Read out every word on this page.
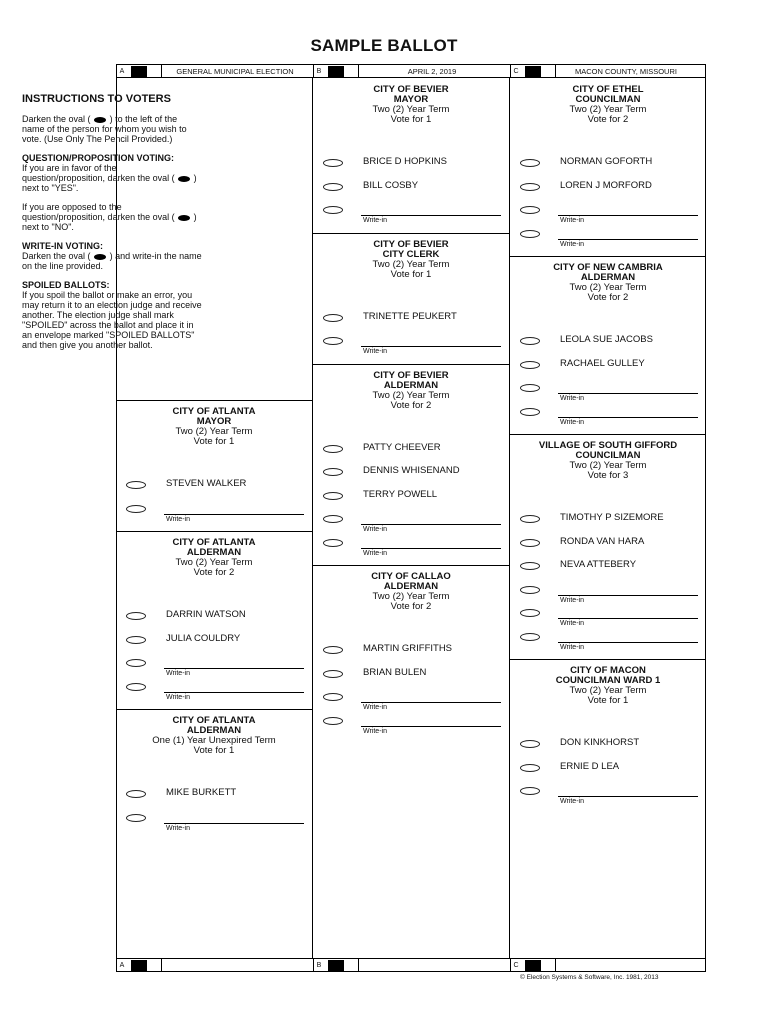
SAMPLE BALLOT
A	GENERAL MUNICIPAL ELECTION	B	APRIL 2, 2019	C	MACON COUNTY, MISSOURI
CITY OF ATLANTA
MAYOR
Two (2) Year Term
Vote for 1
STEVEN WALKER
Write-in
CITY OF ATLANTA
ALDERMAN
Two (2) Year Term
Vote for 2
DARRIN WATSON
JULIA COULDRY
Write-in
Write-in
CITY OF ATLANTA
ALDERMAN
One (1) Year Unexpired Term
Vote for 1
MIKE BURKETT
Write-in
CITY OF BEVIER
MAYOR
Two (2) Year Term
Vote for 1
BRICE D HOPKINS
BILL COSBY
Write-in
CITY OF BEVIER
CITY CLERK
Two (2) Year Term
Vote for 1
TRINETTE PEUKERT
Write-in
CITY OF BEVIER
ALDERMAN
Two (2) Year Term
Vote for 2
PATTY CHEEVER
DENNIS WHISENAND
TERRY POWELL
Write-in
Write-in
CITY OF CALLAO
ALDERMAN
Two (2) Year Term
Vote for 2
MARTIN GRIFFITHS
BRIAN BULEN
Write-in
Write-in
CITY OF ETHEL
COUNCILMAN
Two (2) Year Term
Vote for 2
NORMAN GOFORTH
LOREN J MORFORD
Write-in
Write-in
CITY OF NEW CAMBRIA
ALDERMAN
Two (2) Year Term
Vote for 2
LEOLA SUE JACOBS
RACHAEL GULLEY
Write-in
Write-in
VILLAGE OF SOUTH GIFFORD
COUNCILMAN
Two (2) Year Term
Vote for 3
TIMOTHY P SIZEMORE
RONDA VAN HARA
NEVA ATTEBERY
Write-in
Write-in
Write-in
CITY OF MACON
COUNCILMAN WARD 1
Two (2) Year Term
Vote for 1
DON KINKHORST
ERNIE D LEA
Write-in
A	B	C
INSTRUCTIONS TO VOTERS

Darken the oval ( ) to the left of the name of the person for whom you wish to vote. (Use Only The Pencil Provided.)

QUESTION/PROPOSITION VOTING:
If you are in favor of the question/proposition, darken the oval ( ) next to "YES".

If you are opposed to the question/proposition, darken the oval ( ) next to "NO".

WRITE-IN VOTING:
Darken the oval ( ) and write-in the name on the line provided.

SPOILED BALLOTS:
If you spoil the ballot or make an error, you may return it to an election judge and receive another. The election judge shall mark "SPOILED" across the ballot and place it in an envelope marked "SPOILED BALLOTS" and then give you another ballot.

© Election Systems & Software, Inc. 1981, 2013
